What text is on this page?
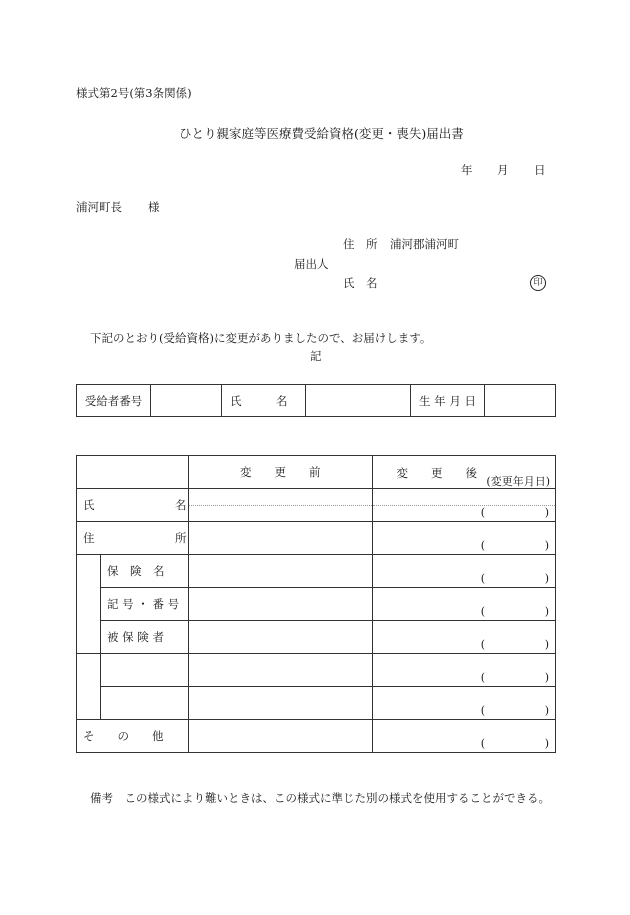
様式第2号(第3条関係)
ひとり親家庭等医療費受給資格(変更・喪失)届出書
年 月 日
浦河町長 様
住　所 浦河郡浦河町
届出人
氏　名	印
下記のとおり(受給資格)に変更がありましたので、お届けします。
記
受給者番号		氏　　　名		生 年 月 日	
		変　　更　　前	変　　更　　後
(変更年月日)

氏　　　　　　　名			( )

住　　　　　　　所			( )

	保　険　名		( )

	記 号 ・ 番 号		( )

	被 保 険 者		( )

			( )

			( )

そ　　の　　他			( )
備考　この様式により難いときは、この様式に準じた別の様式を使用することができる。
